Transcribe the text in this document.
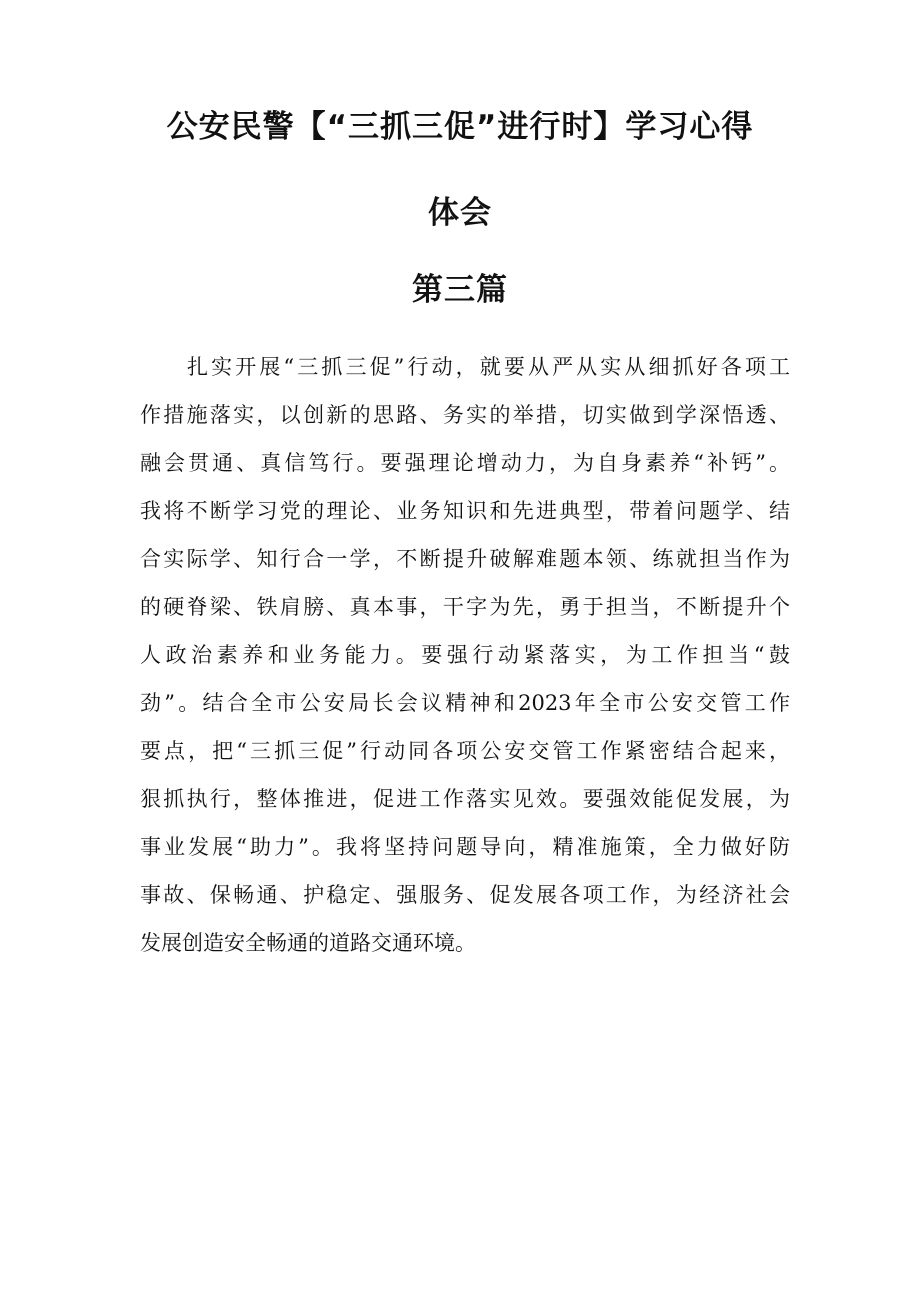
公安民警【“三抓三促”进行时】学习心得
体会
第三篇
扎实开展“三抓三促”行动，就要从严从实从细抓好各项工
作措施落实，以创新的思路、务实的举措，切实做到学深悟透、
融会贯通、真信笃行。要强理论增动力，为自身素养“补钙”。
我将不断学习党的理论、业务知识和先进典型，带着问题学、结
合实际学、知行合一学，不断提升破解难题本领、练就担当作为
的硬脊梁、铁肩膀、真本事，干字为先，勇于担当，不断提升个
人政治素养和业务能力。要强行动紧落实，为工作担当“鼓
劲”。结合全市公安局长会议精神和2023年全市公安交管工作
要点，把“三抓三促”行动同各项公安交管工作紧密结合起来，
狠抓执行，整体推进，促进工作落实见效。要强效能促发展，为
事业发展“助力”。我将坚持问题导向，精准施策，全力做好防
事故、保畅通、护稳定、强服务、促发展各项工作，为经济社会
发展创造安全畅通的道路交通环境。
